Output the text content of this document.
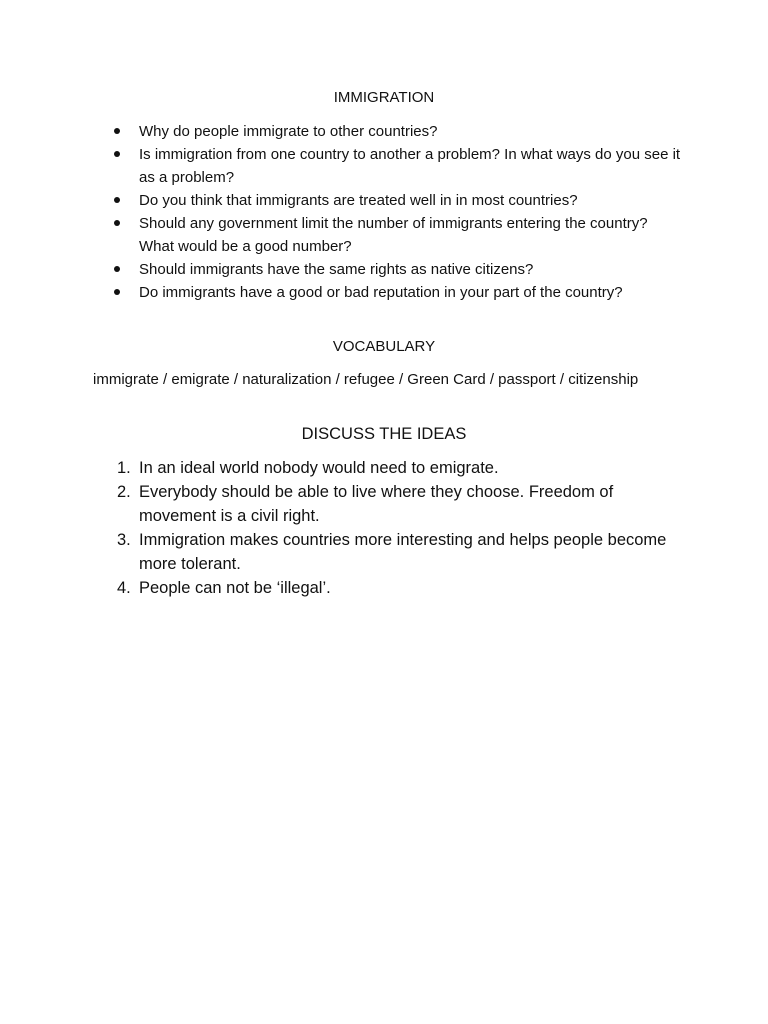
IMMIGRATION
Why do people immigrate to other countries?
Is immigration from one country to another a problem? In what ways do you see it as a problem?
Do you think that immigrants are treated well in in most countries?
Should any government limit the number of immigrants entering the country? What would be a good number?
Should immigrants have the same rights as native citizens?
Do immigrants have a good or bad reputation in your part of the country?
VOCABULARY

immigrate / emigrate / naturalization / refugee / Green Card / passport / citizenship

DISCUSS THE IDEAS
1. In an ideal world nobody would need to emigrate.
2. Everybody should be able to live where they choose. Freedom of movement is a civil right.
3. Immigration makes countries more interesting and helps people become more tolerant.
4. People can not be ‘illegal’.
